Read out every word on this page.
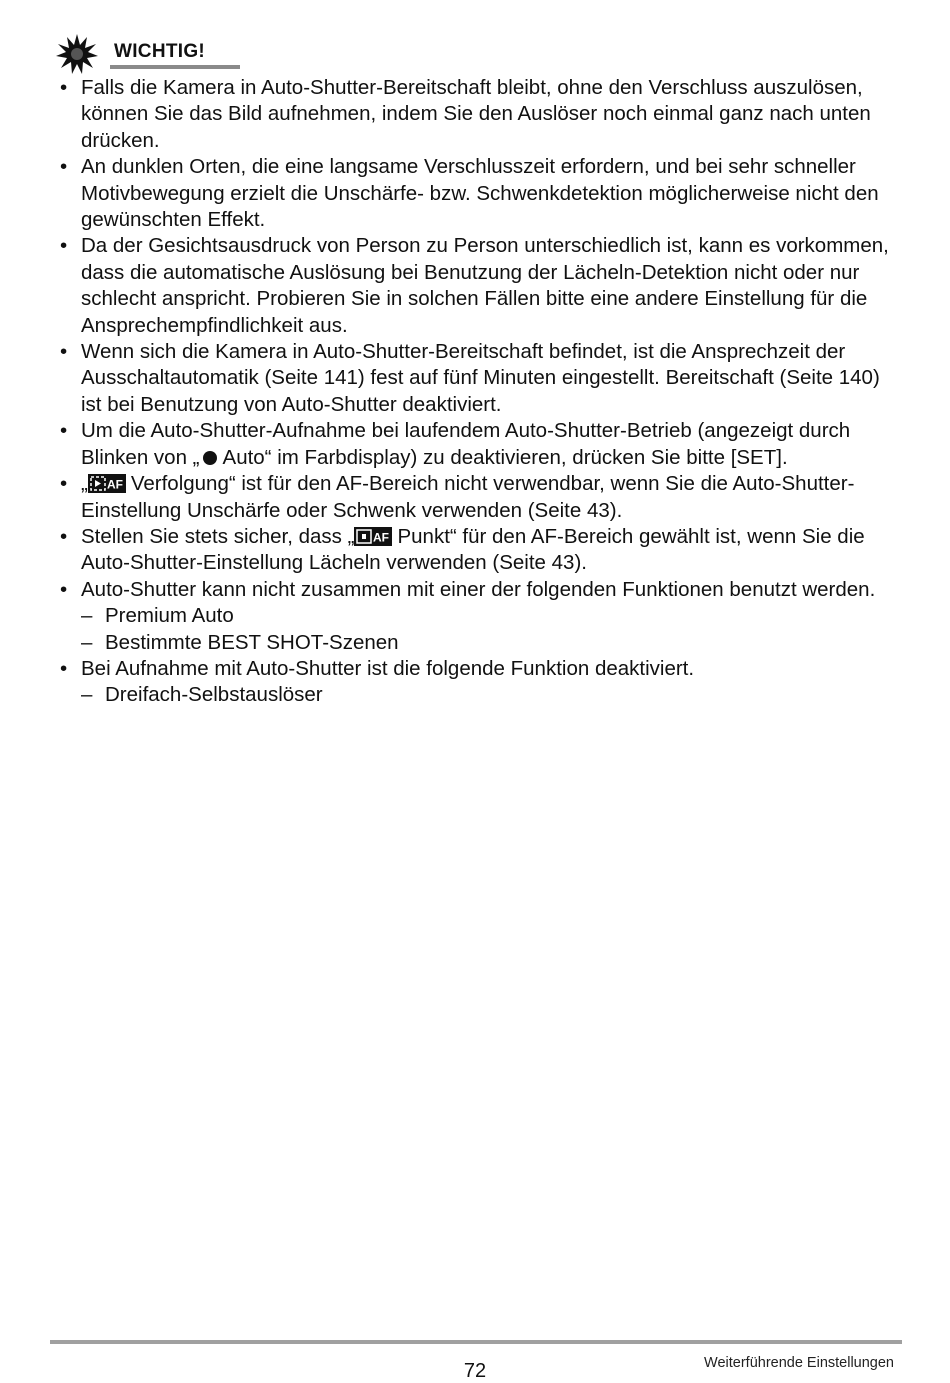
WICHTIG!
• Falls die Kamera in Auto-Shutter-Bereitschaft bleibt, ohne den Verschluss auszulösen, können Sie das Bild aufnehmen, indem Sie den Auslöser noch einmal ganz nach unten drücken.
• An dunklen Orten, die eine langsame Verschlusszeit erfordern, und bei sehr schneller Motivbewegung erzielt die Unschärfe- bzw. Schwenkdetektion möglicherweise nicht den gewünschten Effekt.
• Da der Gesichtsausdruck von Person zu Person unterschiedlich ist, kann es vorkommen, dass die automatische Auslösung bei Benutzung der Lächeln-Detektion nicht oder nur schlecht anspricht. Probieren Sie in solchen Fällen bitte eine andere Einstellung für die Ansprechempfindlichkeit aus.
• Wenn sich die Kamera in Auto-Shutter-Bereitschaft befindet, ist die Ansprechzeit der Ausschaltautomatik (Seite 141) fest auf fünf Minuten eingestellt. Bereitschaft (Seite 140) ist bei Benutzung von Auto-Shutter deaktiviert.
• Um die Auto-Shutter-Aufnahme bei laufendem Auto-Shutter-Betrieb (angezeigt durch Blinken von „ Auto“ im Farbdisplay) zu deaktivieren, drücken Sie bitte [SET].
• „ AF Verfolgung“ ist für den AF-Bereich nicht verwendbar, wenn Sie die Auto-Shutter-Einstellung Unschärfe oder Schwenk verwenden (Seite 43).
• Stellen Sie stets sicher, dass „ AF Punkt“ für den AF-Bereich gewählt ist, wenn Sie die Auto-Shutter-Einstellung Lächeln verwenden (Seite 43).
• Auto-Shutter kann nicht zusammen mit einer der folgenden Funktionen benutzt werden.
– Premium Auto
– Bestimmte BEST SHOT-Szenen
• Bei Aufnahme mit Auto-Shutter ist die folgende Funktion deaktiviert.
– Dreifach-Selbstauslöser
72	Weiterführende Einstellungen
